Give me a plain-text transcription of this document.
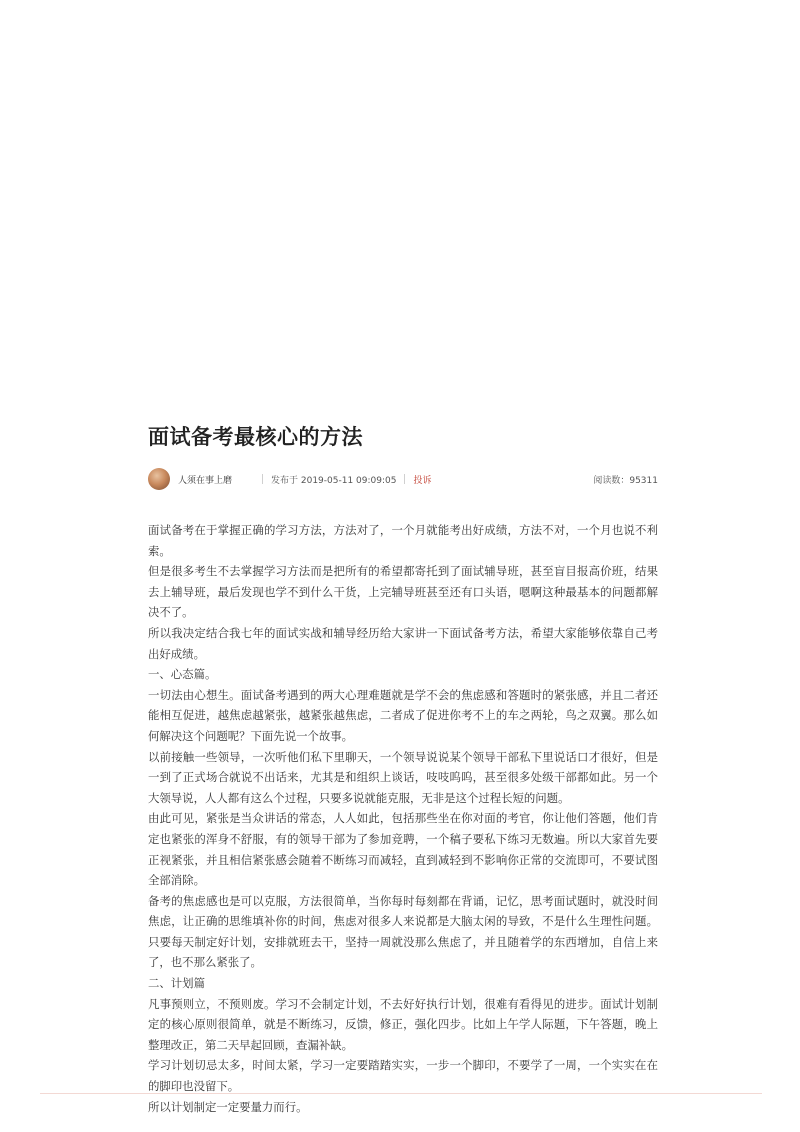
面试备考最核心的方法
人须在事上磨	发布于 2019-05-11 09:09:05 投诉	阅读数：95311

面试备考在于掌握正确的学习方法，方法对了，一个月就能考出好成绩，方法不对，一个月也说不利索。

但是很多考生不去掌握学习方法而是把所有的希望都寄托到了面试辅导班，甚至盲目报高价班，结果去上辅导班，最后发现也学不到什么干货，上完辅导班甚至还有口头语，嗯啊这种最基本的问题都解决不了。

所以我决定结合我七年的面试实战和辅导经历给大家讲一下面试备考方法，希望大家能够依靠自己考出好成绩。

一、心态篇。

一切法由心想生。面试备考遇到的两大心理难题就是学不会的焦虑感和答题时的紧张感，并且二者还能相互促进，越焦虑越紧张，越紧张越焦虑，二者成了促进你考不上的车之两轮，鸟之双翼。那么如何解决这个问题呢？下面先说一个故事。

以前接触一些领导，一次听他们私下里聊天，一个领导说说某个领导干部私下里说话口才很好，但是一到了正式场合就说不出话来，尤其是和组织上谈话，吱吱呜呜，甚至很多处级干部都如此。另一个大领导说，人人都有这么个过程，只要多说就能克服，无非是这个过程长短的问题。

由此可见，紧张是当众讲话的常态，人人如此，包括那些坐在你对面的考官，你让他们答题，他们肯定也紧张的浑身不舒服，有的领导干部为了参加竞聘，一个稿子要私下练习无数遍。所以大家首先要正视紧张，并且相信紧张感会随着不断练习而减轻，直到减轻到不影响你正常的交流即可，不要试图全部消除。

备考的焦虑感也是可以克服，方法很简单，当你每时每刻都在背诵，记忆，思考面试题时，就没时间焦虑，让正确的思维填补你的时间，焦虑对很多人来说都是大脑太闲的导致，不是什么生理性问题。只要每天制定好计划，安排就班去干，坚持一周就没那么焦虑了，并且随着学的东西增加，自信上来了，也不那么紧张了。

二、计划篇

凡事预则立，不预则废。学习不会制定计划，不去好好执行计划，很难有看得见的进步。面试计划制定的核心原则很简单，就是不断练习，反馈，修正，强化四步。比如上午学人际题，下午答题，晚上整理改正，第二天早起回顾，查漏补缺。

学习计划切忌太多，时间太紧，学习一定要踏踏实实，一步一个脚印，不要学了一周，一个实实在在的脚印也没留下。

所以计划制定一定要量力而行。
